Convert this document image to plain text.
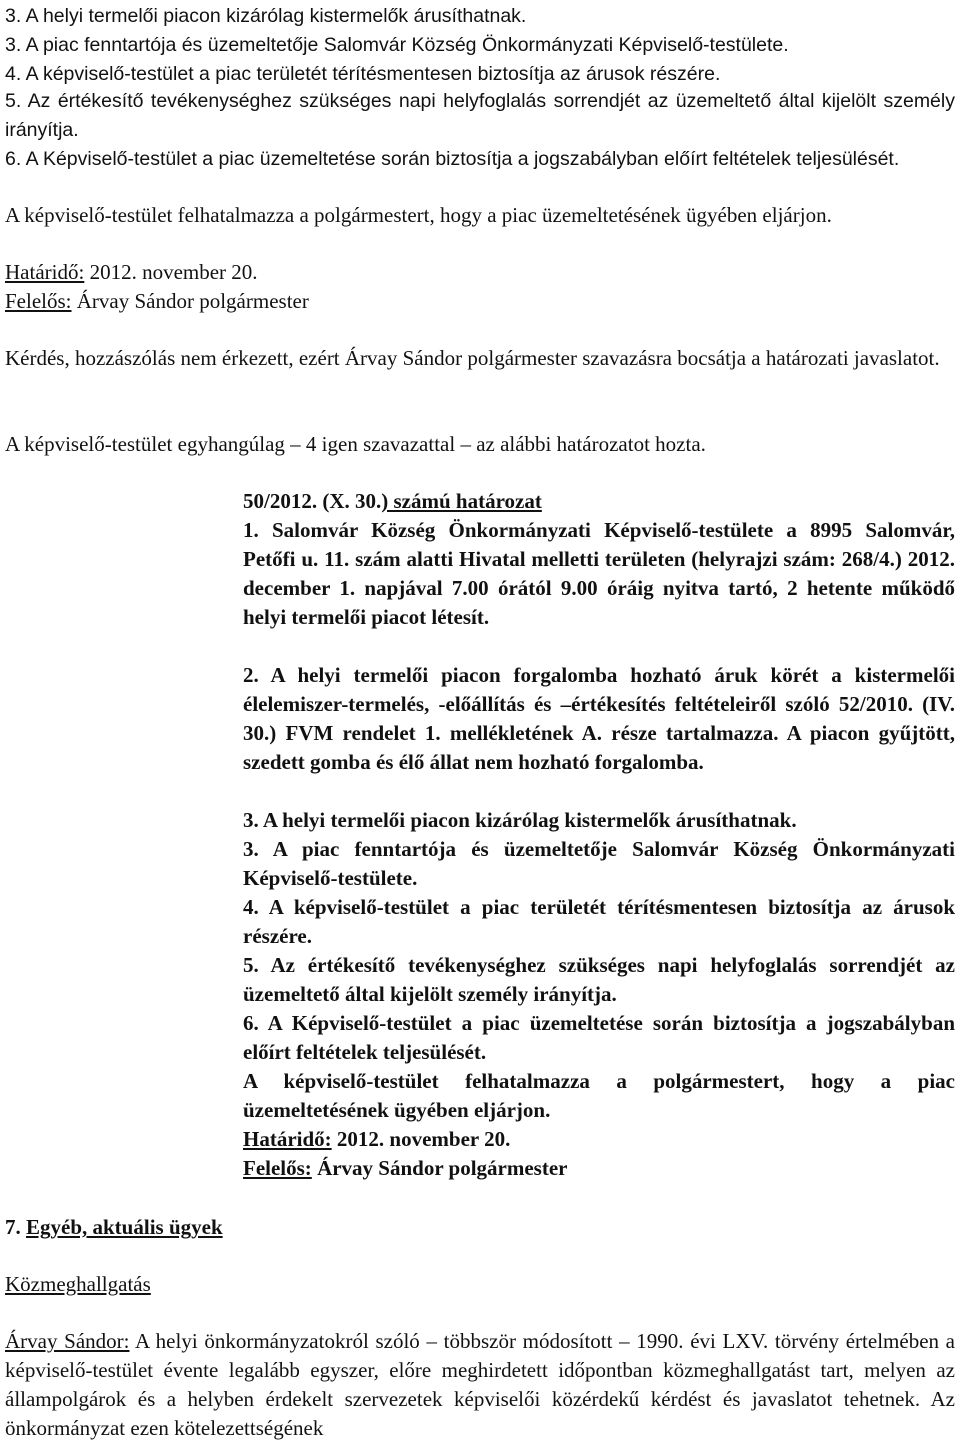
3. A helyi termelői piacon kizárólag kistermelők árusíthatnak.

3. A piac fenntartója és üzemeltetője Salomvár Község Önkormányzati Képviselő-testülete.

4. A képviselő-testület a piac területét térítésmentesen biztosítja az árusok részére.

5. Az értékesítő tevékenységhez szükséges napi helyfoglalás sorrendjét az üzemeltető által kijelölt személy irányítja.

6. A Képviselő-testület a piac üzemeltetése során biztosítja a jogszabályban előírt feltételek teljesülését.

A képviselő-testület felhatalmazza a polgármestert, hogy a piac üzemeltetésének ügyében eljárjon.

Határidő: 2012. november 20.

Felelős: Árvay Sándor polgármester

Kérdés, hozzászólás nem érkezett, ezért Árvay Sándor polgármester szavazásra bocsátja a határozati javaslatot.

A képviselő-testület egyhangúlag – 4 igen szavazattal – az alábbi határozatot hozta.

50/2012. (X. 30.) számú határozat

1. Salomvár Község Önkormányzati Képviselő-testülete a 8995 Salomvár, Petőfi u. 11. szám alatti Hivatal melletti területen (helyrajzi szám: 268/4.) 2012. december 1. napjával 7.00 órától 9.00 óráig nyitva tartó, 2 hetente működő helyi termelői piacot létesít.

2. A helyi termelői piacon forgalomba hozható áruk körét a kistermelői élelemiszer-termelés, -előállítás és –értékesítés feltételeiről szóló 52/2010. (IV. 30.) FVM rendelet 1. mellékletének A. része tartalmazza. A piacon gyűjtött, szedett gomba és élő állat nem hozható forgalomba.

3. A helyi termelői piacon kizárólag kistermelők árusíthatnak.

3. A piac fenntartója és üzemeltetője Salomvár Község Önkormányzati Képviselő-testülete.

4. A képviselő-testület a piac területét térítésmentesen biztosítja az árusok részére.

5. Az értékesítő tevékenységhez szükséges napi helyfoglalás sorrendjét az üzemeltető által kijelölt személy irányítja.

6. A Képviselő-testület a piac üzemeltetése során biztosítja a jogszabályban előírt feltételek teljesülését.

A képviselő-testület felhatalmazza a polgármestert, hogy a piac üzemeltetésének ügyében eljárjon.

Határidő: 2012. november 20.

Felelős: Árvay Sándor polgármester

7. Egyéb, aktuális ügyek

Közmeghallgatás

Árvay Sándor: A helyi önkormányzatokról szóló – többször módosított – 1990. évi LXV. törvény értelmében a képviselő-testület évente legalább egyszer, előre meghirdetett időpontban közmeghallgatást tart, melyen az állampolgárok és a helyben érdekelt szervezetek képviselői közérdekű kérdést és javaslatot tehetnek. Az önkormányzat ezen kötelezettségének
